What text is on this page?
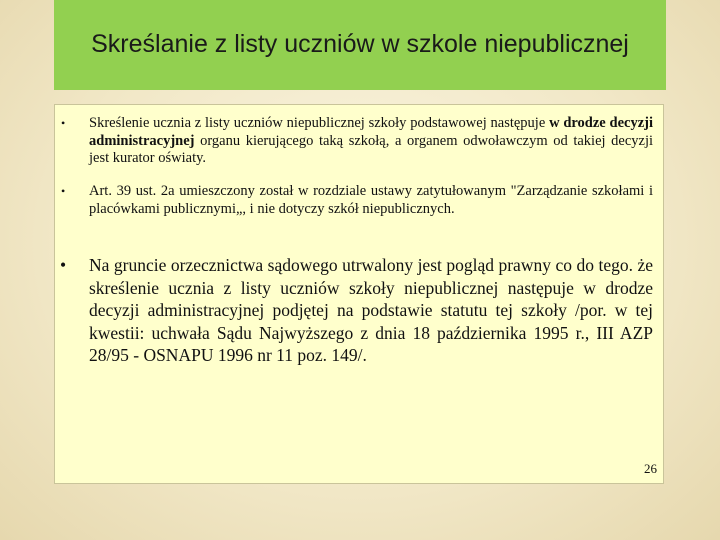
Skreślanie z listy uczniów w szkole niepublicznej
• Skreślenie ucznia z listy uczniów niepublicznej szkoły podstawowej następuje w drodze decyzji administracyjnej organu kierującego taką szkołą, a organem odwoławczym od takiej decyzji jest kurator oświaty.
• Art. 39 ust. 2a umieszczony został w rozdziale ustawy zatytułowanym "Zarządzanie szkołami i placówkami publicznymi„, i nie dotyczy szkół niepublicznych.
• Na gruncie orzecznictwa sądowego utrwalony jest pogląd prawny co do tego. że skreślenie ucznia z listy uczniów szkoły niepublicznej następuje w drodze decyzji administracyjnej podjętej na podstawie statutu tej szkoły /por. w tej kwestii: uchwała Sądu Najwyższego z dnia 18 października 1995 r., III AZP 28/95 - OSNAPU 1996 nr 11 poz. 149/.
26
